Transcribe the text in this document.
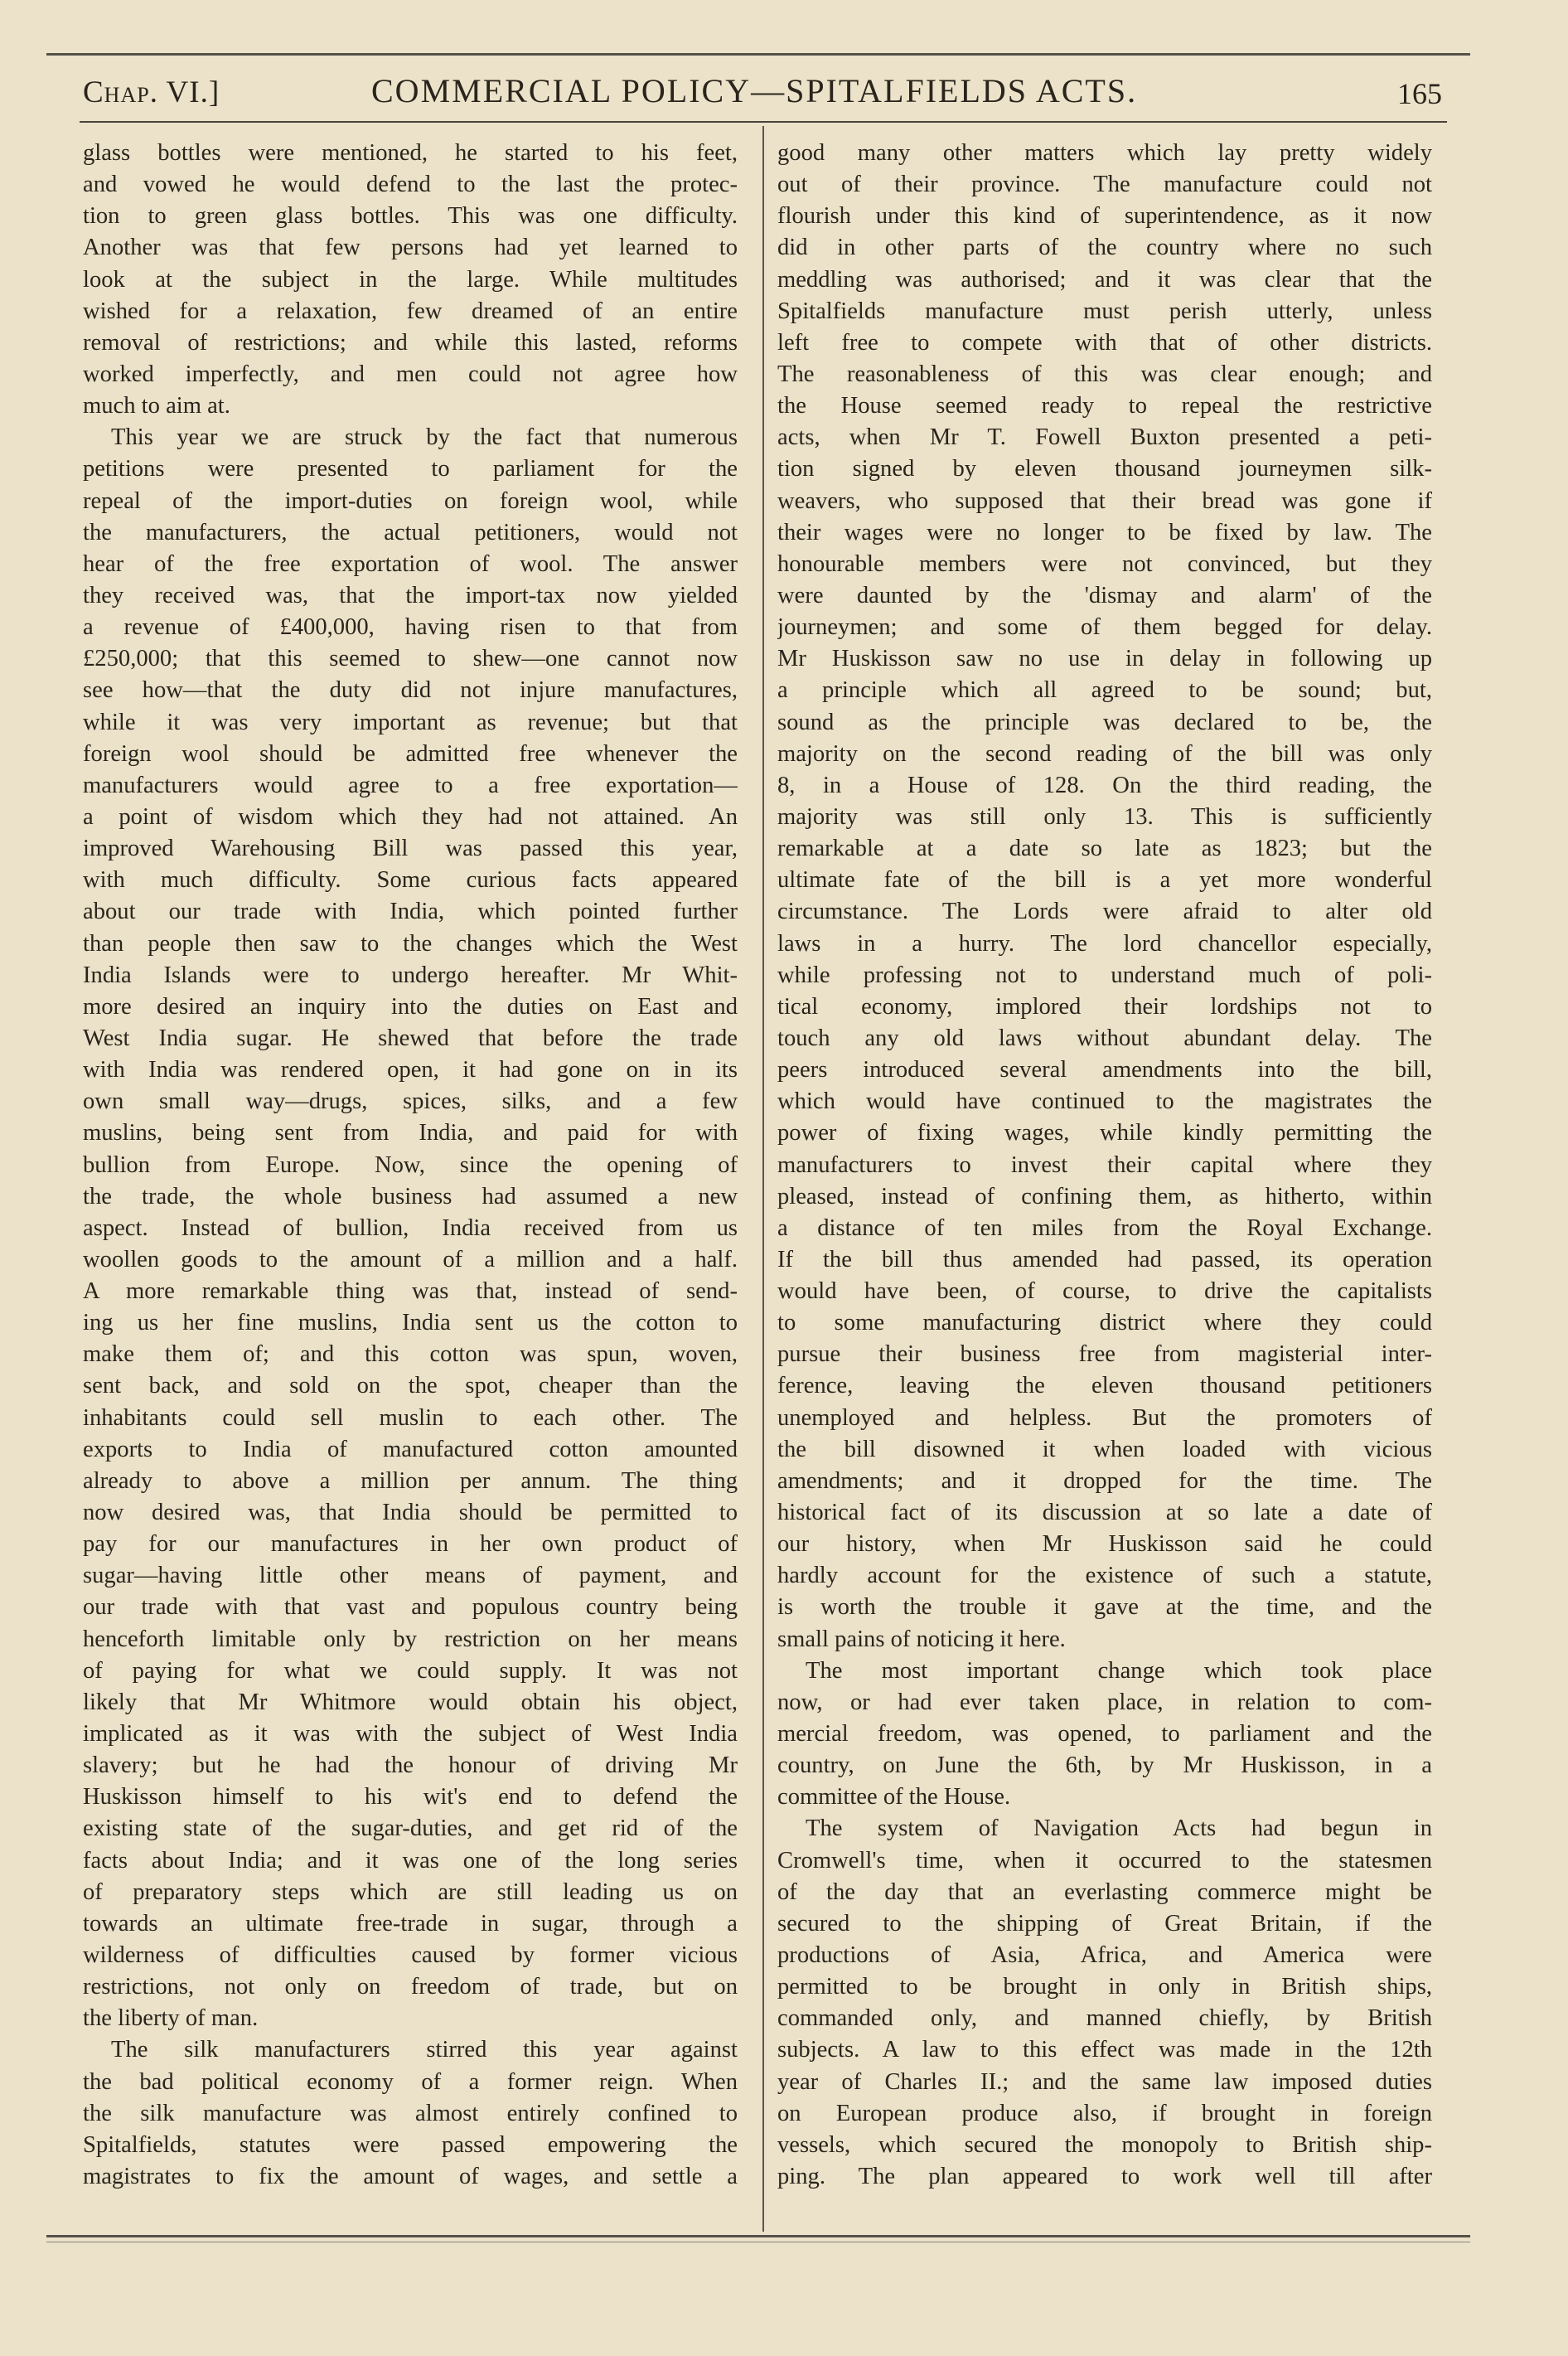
Chap. VI.]	COMMERCIAL POLICY—SPITALFIELDS ACTS.	165
glass bottles were mentioned, he started to his feet,
and vowed he would defend to the last the protec-
tion to green glass bottles. This was one difficulty.
Another was that few persons had yet learned to
look at the subject in the large. While multitudes
wished for a relaxation, few dreamed of an entire
removal of restrictions; and while this lasted, reforms
worked imperfectly, and men could not agree how
much to aim at.
This year we are struck by the fact that numerous
petitions were presented to parliament for the
repeal of the import-duties on foreign wool, while
the manufacturers, the actual petitioners, would not
hear of the free exportation of wool. The answer
they received was, that the import-tax now yielded
a revenue of £400,000, having risen to that from
£250,000; that this seemed to shew—one cannot now
see how—that the duty did not injure manufactures,
while it was very important as revenue; but that
foreign wool should be admitted free whenever the
manufacturers would agree to a free exportation—
a point of wisdom which they had not attained. An
improved Warehousing Bill was passed this year,
with much difficulty. Some curious facts appeared
about our trade with India, which pointed further
than people then saw to the changes which the West
India Islands were to undergo hereafter. Mr Whit-
more desired an inquiry into the duties on East and
West India sugar. He shewed that before the trade
with India was rendered open, it had gone on in its
own small way—drugs, spices, silks, and a few
muslins, being sent from India, and paid for with
bullion from Europe. Now, since the opening of
the trade, the whole business had assumed a new
aspect. Instead of bullion, India received from us
woollen goods to the amount of a million and a half.
A more remarkable thing was that, instead of send-
ing us her fine muslins, India sent us the cotton to
make them of; and this cotton was spun, woven,
sent back, and sold on the spot, cheaper than the
inhabitants could sell muslin to each other. The
exports to India of manufactured cotton amounted
already to above a million per annum. The thing
now desired was, that India should be permitted to
pay for our manufactures in her own product of
sugar—having little other means of payment, and
our trade with that vast and populous country being
henceforth limitable only by restriction on her means
of paying for what we could supply. It was not
likely that Mr Whitmore would obtain his object,
implicated as it was with the subject of West India
slavery; but he had the honour of driving Mr
Huskisson himself to his wit's end to defend the
existing state of the sugar-duties, and get rid of the
facts about India; and it was one of the long series
of preparatory steps which are still leading us on
towards an ultimate free-trade in sugar, through a
wilderness of difficulties caused by former vicious
restrictions, not only on freedom of trade, but on
the liberty of man.
The silk manufacturers stirred this year against
the bad political economy of a former reign. When
the silk manufacture was almost entirely confined to
Spitalfields, statutes were passed empowering the
magistrates to fix the amount of wages, and settle a
good many other matters which lay pretty widely
out of their province. The manufacture could not
flourish under this kind of superintendence, as it now
did in other parts of the country where no such
meddling was authorised; and it was clear that the
Spitalfields manufacture must perish utterly, unless
left free to compete with that of other districts.
The reasonableness of this was clear enough; and
the House seemed ready to repeal the restrictive
acts, when Mr T. Fowell Buxton presented a peti-
tion signed by eleven thousand journeymen silk-
weavers, who supposed that their bread was gone if
their wages were no longer to be fixed by law. The
honourable members were not convinced, but they
were daunted by the 'dismay and alarm' of the
journeymen; and some of them begged for delay.
Mr Huskisson saw no use in delay in following up
a principle which all agreed to be sound; but,
sound as the principle was declared to be, the
majority on the second reading of the bill was only
8, in a House of 128. On the third reading, the
majority was still only 13. This is sufficiently
remarkable at a date so late as 1823; but the
ultimate fate of the bill is a yet more wonderful
circumstance. The Lords were afraid to alter old
laws in a hurry. The lord chancellor especially,
while professing not to understand much of poli-
tical economy, implored their lordships not to
touch any old laws without abundant delay. The
peers introduced several amendments into the bill,
which would have continued to the magistrates the
power of fixing wages, while kindly permitting the
manufacturers to invest their capital where they
pleased, instead of confining them, as hitherto, within
a distance of ten miles from the Royal Exchange.
If the bill thus amended had passed, its operation
would have been, of course, to drive the capitalists
to some manufacturing district where they could
pursue their business free from magisterial inter-
ference, leaving the eleven thousand petitioners
unemployed and helpless. But the promoters of
the bill disowned it when loaded with vicious
amendments; and it dropped for the time. The
historical fact of its discussion at so late a date of
our history, when Mr Huskisson said he could
hardly account for the existence of such a statute,
is worth the trouble it gave at the time, and the
small pains of noticing it here.
The most important change which took place
now, or had ever taken place, in relation to com-
mercial freedom, was opened, to parliament and the
country, on June the 6th, by Mr Huskisson, in a
committee of the House.
The system of Navigation Acts had begun in
Cromwell's time, when it occurred to the statesmen
of the day that an everlasting commerce might be
secured to the shipping of Great Britain, if the
productions of Asia, Africa, and America were
permitted to be brought in only in British ships,
commanded only, and manned chiefly, by British
subjects. A law to this effect was made in the 12th
year of Charles II.; and the same law imposed duties
on European produce also, if brought in foreign
vessels, which secured the monopoly to British ship-
ping. The plan appeared to work well till after
